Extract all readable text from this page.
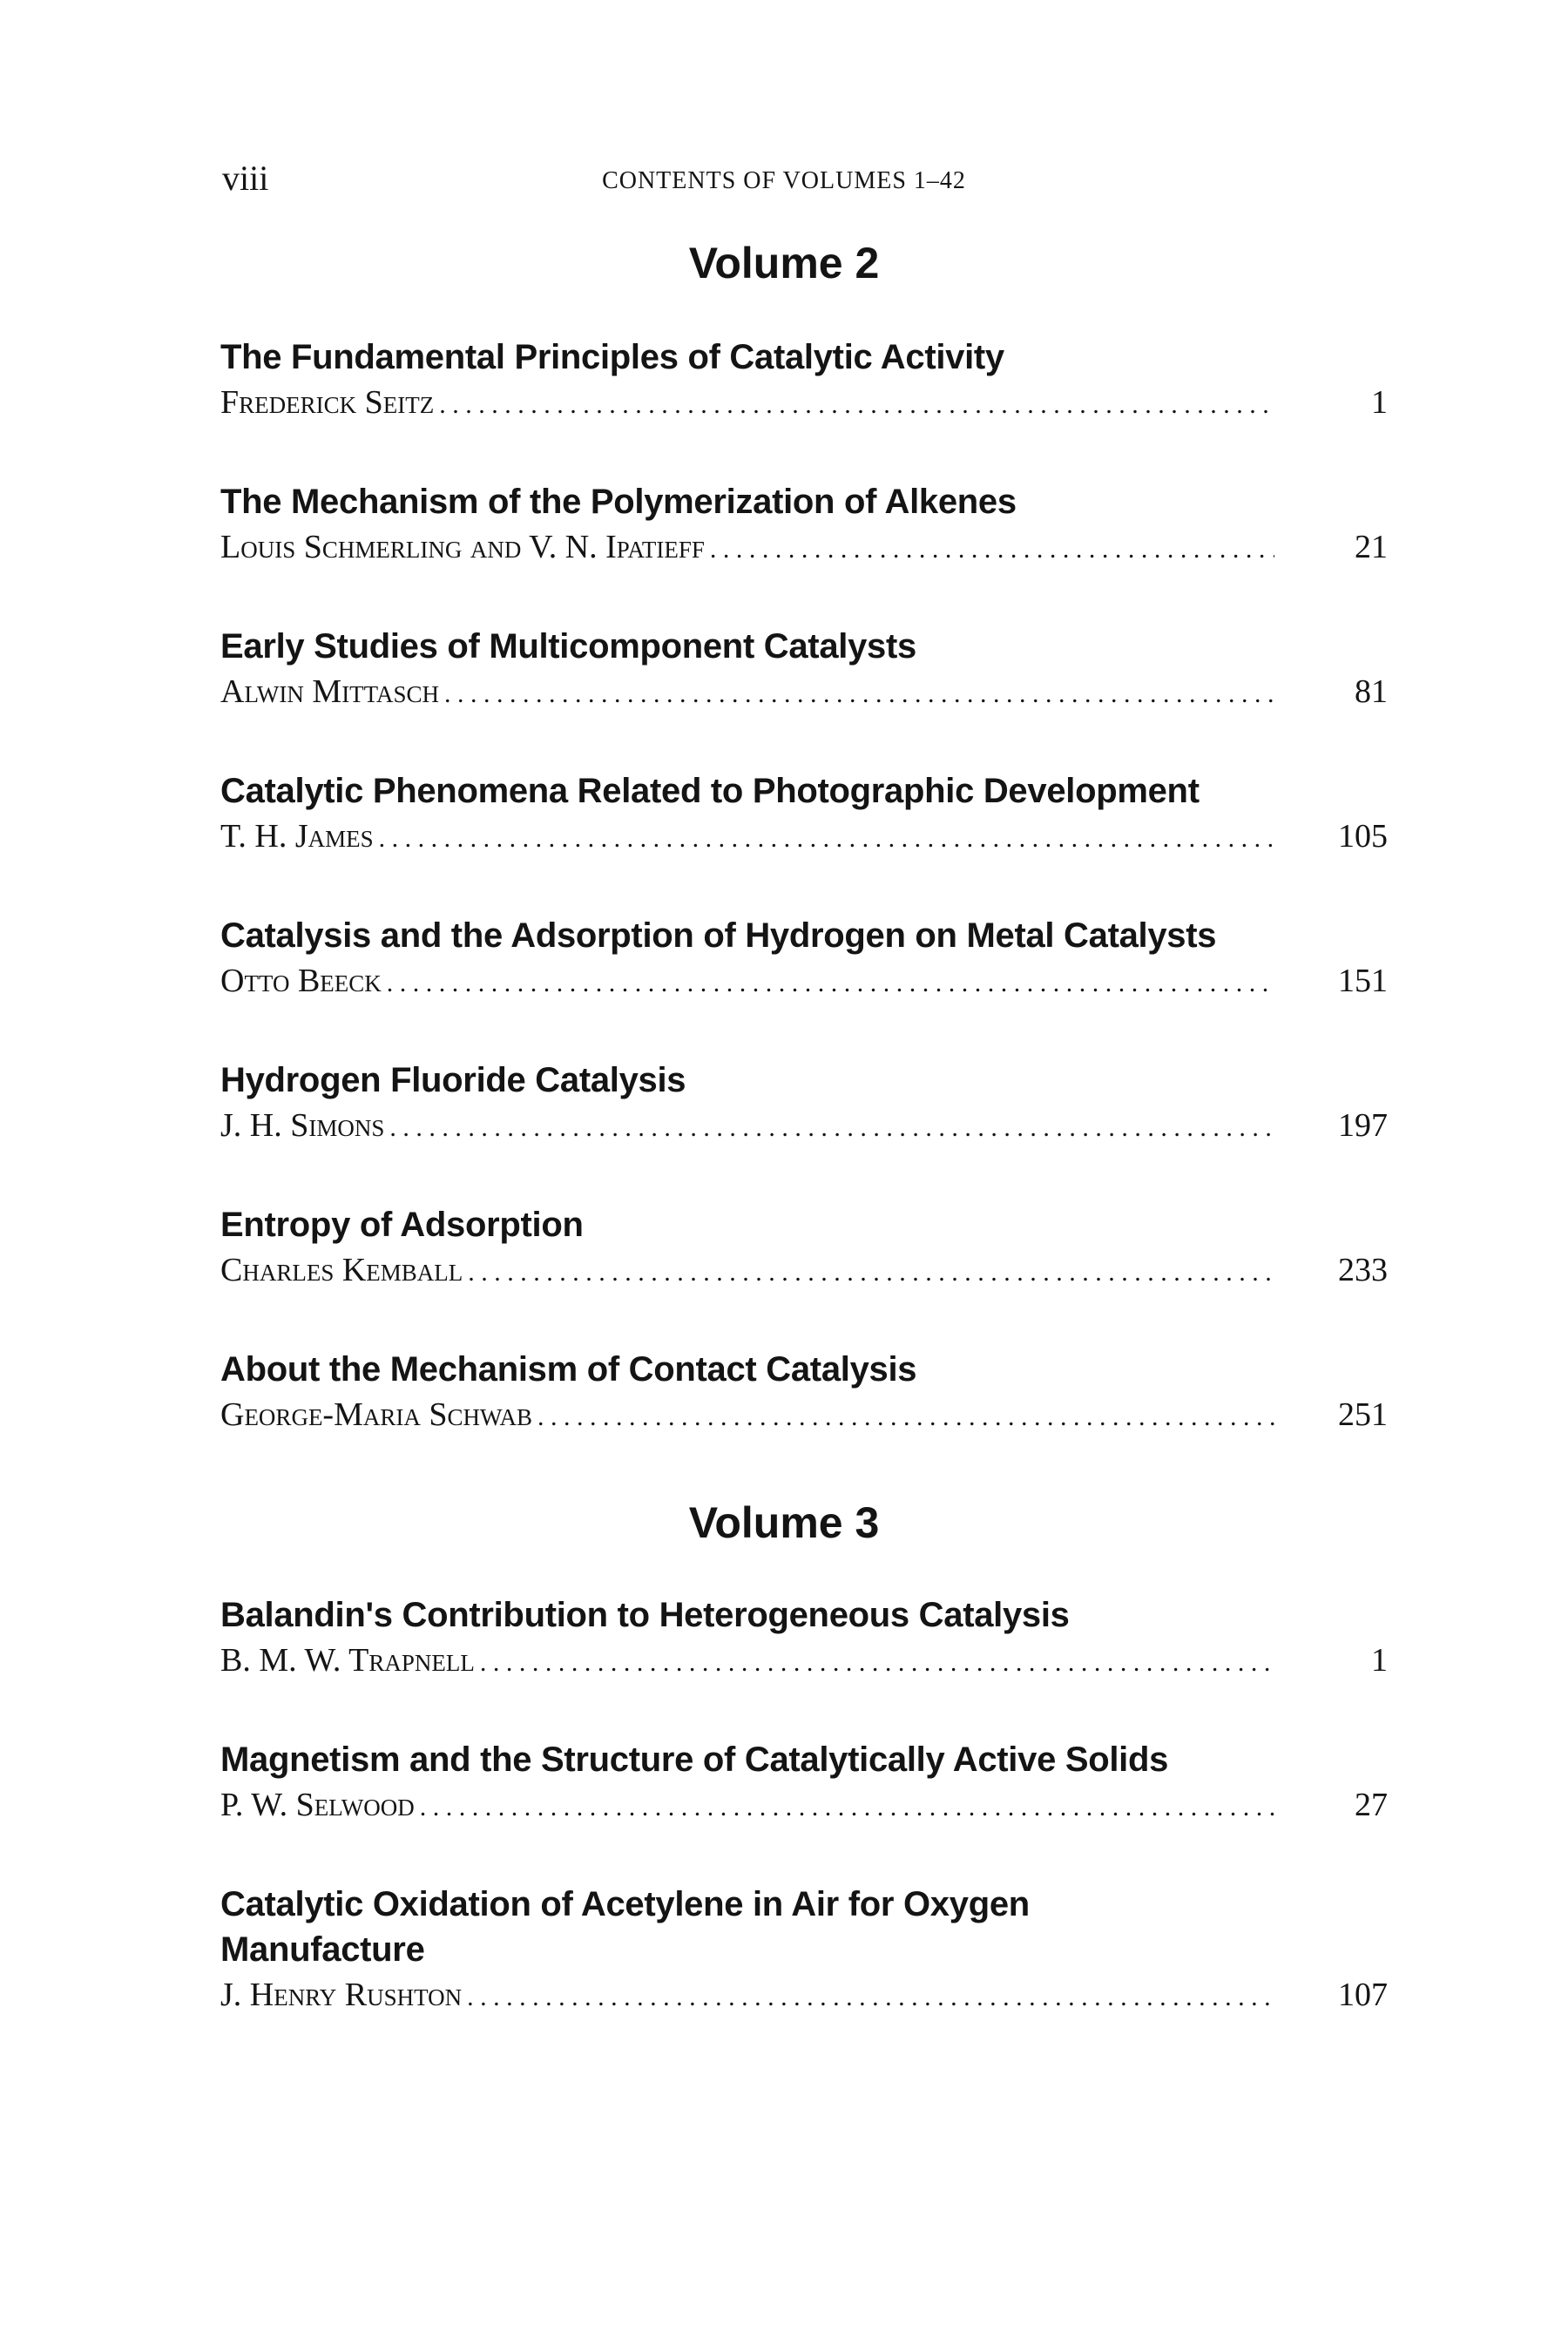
viii	CONTENTS OF VOLUMES 1–42
Volume 2
The Fundamental Principles of Catalytic Activity
Frederick Seitz . . .	1
The Mechanism of the Polymerization of Alkenes
Louis Schmerling and V. N. Ipatieff . . .	21
Early Studies of Multicomponent Catalysts
Alwin Mittasch . . .	81
Catalytic Phenomena Related to Photographic Development
T. H. James . . .	105
Catalysis and the Adsorption of Hydrogen on Metal Catalysts
Otto Beeck . . .	151
Hydrogen Fluoride Catalysis
J. H. Simons . . .	197
Entropy of Adsorption
Charles Kemball . . .	233
About the Mechanism of Contact Catalysis
George-Maria Schwab . . .	251
Volume 3
Balandin's Contribution to Heterogeneous Catalysis
B. M. W. Trapnell . . .	1
Magnetism and the Structure of Catalytically Active Solids
P. W. Selwood . . .	27
Catalytic Oxidation of Acetylene in Air for Oxygen Manufacture
J. Henry Rushton . . .	107
